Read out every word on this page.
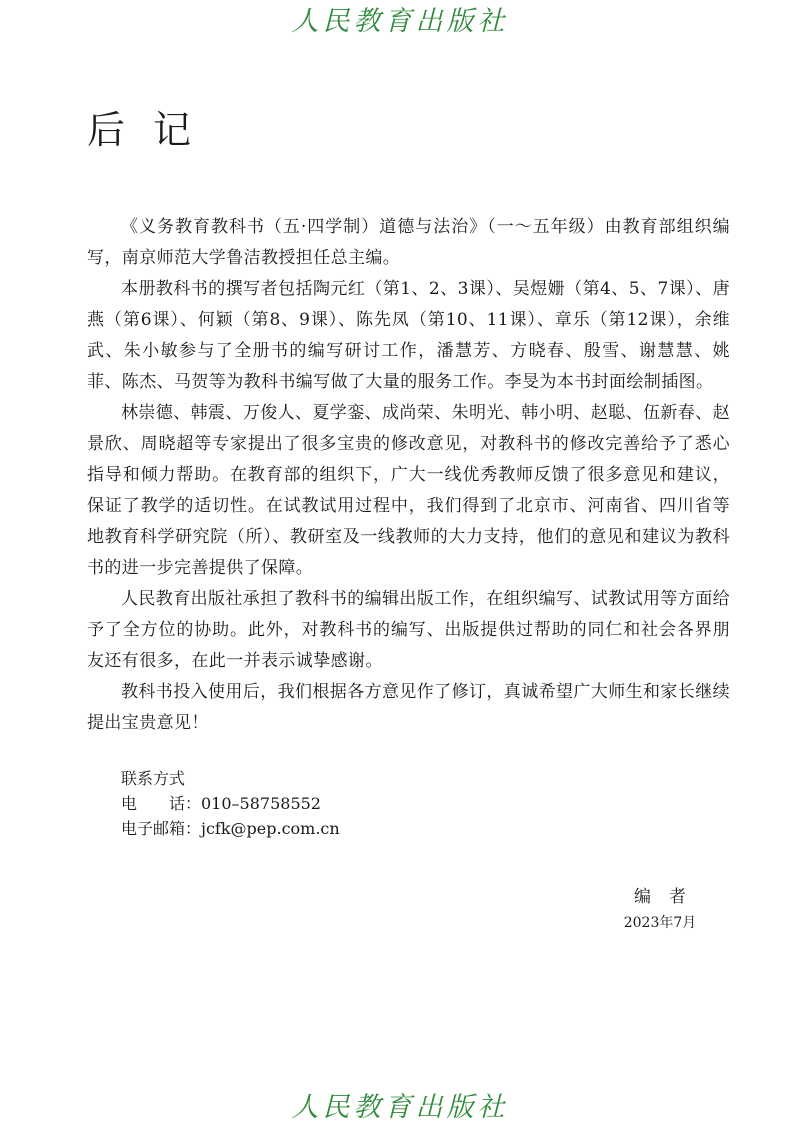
人民教育出版社
后记

《义务教育教科书（五·四学制）道德与法治》（一～五年级）由教育部组织编写，南京师范大学鲁洁教授担任总主编。

本册教科书的撰写者包括陶元红（第1、2、3课）、吴煜姗（第4、5、7课）、唐燕（第6课）、何颖（第8、9课）、陈先凤（第10、11课）、章乐（第12课），余维武、朱小敏参与了全册书的编写研讨工作，潘慧芳、方晓春、殷雪、谢慧慧、姚菲、陈杰、马贺等为教科书编写做了大量的服务工作。李旻为本书封面绘制插图。

林崇德、韩震、万俊人、夏学銮、成尚荣、朱明光、韩小明、赵聪、伍新春、赵景欣、周晓超等专家提出了很多宝贵的修改意见，对教科书的修改完善给予了悉心指导和倾力帮助。在教育部的组织下，广大一线优秀教师反馈了很多意见和建议，保证了教学的适切性。在试教试用过程中，我们得到了北京市、河南省、四川省等地教育科学研究院（所）、教研室及一线教师的大力支持，他们的意见和建议为教科书的进一步完善提供了保障。

人民教育出版社承担了教科书的编辑出版工作，在组织编写、试教试用等方面给予了全方位的协助。此外，对教科书的编写、出版提供过帮助的同仁和社会各界朋友还有很多，在此一并表示诚挚感谢。

教科书投入使用后，我们根据各方意见作了修订，真诚希望广大师生和家长继续提出宝贵意见！

联系方式
电　　话：010–58758552
电子邮箱：jcfk@pep.com.cn
编者
2023年7月
人民教育出版社
